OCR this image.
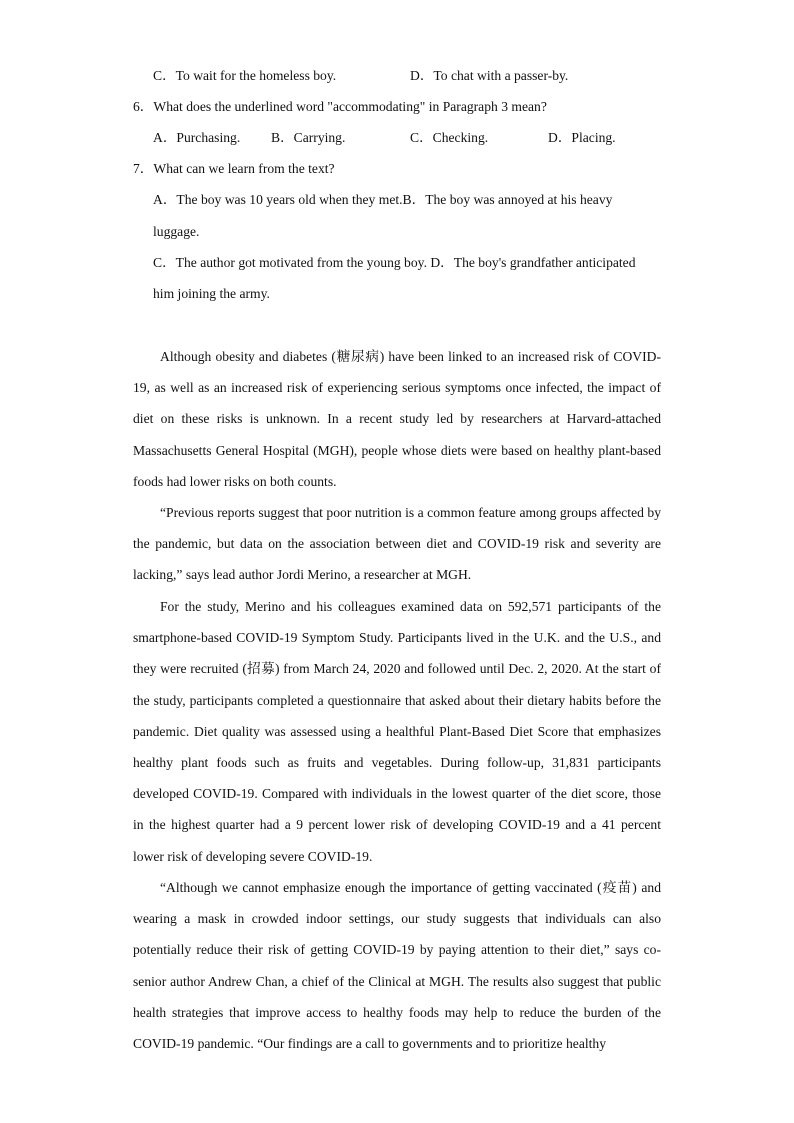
C．To wait for the homeless boy.	D．To chat with a passer-by.
6．What does the underlined word "accommodating" in Paragraph 3 mean?
A．Purchasing. B．Carrying.	C．Checking.	D．Placing.
7．What can we learn from the text?
A．The boy was 10 years old when they met.B．The boy was annoyed at his heavy
luggage.
C．The author got motivated from the young boy. D．The boy's grandfather anticipated
him joining the army.

Although obesity and diabetes (糖尿病) have been linked to an increased risk of COVID-19, as well as an increased risk of experiencing serious symptoms once infected, the impact of diet on these risks is unknown. In a recent study led by researchers at Harvard-attached Massachusetts General Hospital (MGH), people whose diets were based on healthy plant-based foods had lower risks on both counts.

“Previous reports suggest that poor nutrition is a common feature among groups affected by the pandemic, but data on the association between diet and COVID-19 risk and severity are lacking,” says lead author Jordi Merino, a researcher at MGH.

For the study, Merino and his colleagues examined data on 592,571 participants of the smartphone-based COVID-19 Symptom Study. Participants lived in the U.K. and the U.S., and they were recruited (招募) from March 24, 2020 and followed until Dec. 2, 2020. At the start of the study, participants completed a questionnaire that asked about their dietary habits before the pandemic. Diet quality was assessed using a healthful Plant-Based Diet Score that emphasizes healthy plant foods such as fruits and vegetables. During follow-up, 31,831 participants developed COVID-19. Compared with individuals in the lowest quarter of the diet score, those in the highest quarter had a 9 percent lower risk of developing COVID-19 and a 41 percent lower risk of developing severe COVID-19.

“Although we cannot emphasize enough the importance of getting vaccinated (疫苗) and wearing a mask in crowded indoor settings, our study suggests that individuals can also potentially reduce their risk of getting COVID-19 by paying attention to their diet,” says co-senior author Andrew Chan, a chief of the Clinical at MGH. The results also suggest that public health strategies that improve access to healthy foods may help to reduce the burden of the COVID-19 pandemic. “Our findings are a call to governments and to prioritize healthy
